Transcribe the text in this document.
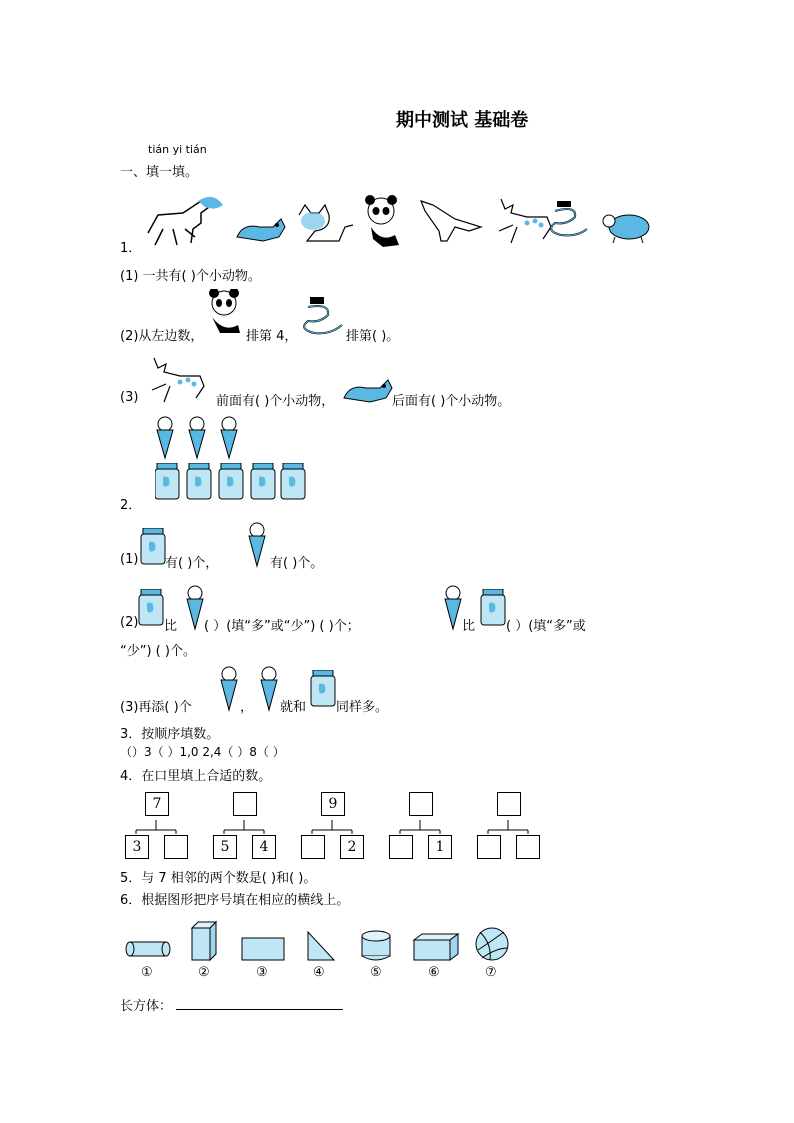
期中测试 基础卷
tián yi tián
一、填一填。
1．
(1) 一共有( )个小动物。
(2)从左边数，	排第 4，	排第( )。
(3)	前面有( )个小动物，	后面有( )个小动物。
2．
(1) 有( )个，	有( )个。
(2) 比 ( ）(填“多”或“少”) ( )个；	比 ( ）(填“多”或
“少”) ( )个。
(3)再添( )个	， 就和 同样多。
3．按顺序填数。
（）3（ ）1,0 2,4（ ）8（ ）
4．在口里填上合适的数。
7
3	5	4
9
2	1
5．与 7 相邻的两个数是( )和( )。
6．根据图形把序号填在相应的横线上。
①	②	③	④	⑤	⑥	⑦
长方体：
